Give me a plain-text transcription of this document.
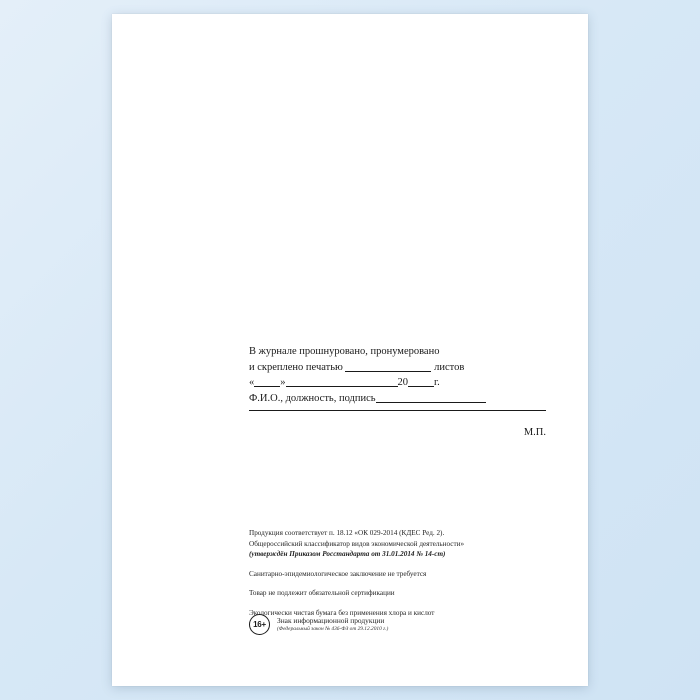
В журнале прошнуровано, пронумеровано
и скреплено печатью	листов
« »	20 г.
Ф.И.О., должность, подпись
М.П.

Продукция соответствует п. 18.12 «ОК 029-2014 (КДЕС Ред. 2).

Общероссийский классификатор видов экономической деятельности»

(утверждён Приказом Росстандарта от 31.01.2014 № 14-ст)

Санитарно-эпидемиологическое заключение не требуется

Товар не подлежит обязательной сертификации

Экологически чистая бумага без применения хлора и кислот

16+	Знак информационной продукции
(Федеральный закон № 436-ФЗ от 29.12.2010 г.)
